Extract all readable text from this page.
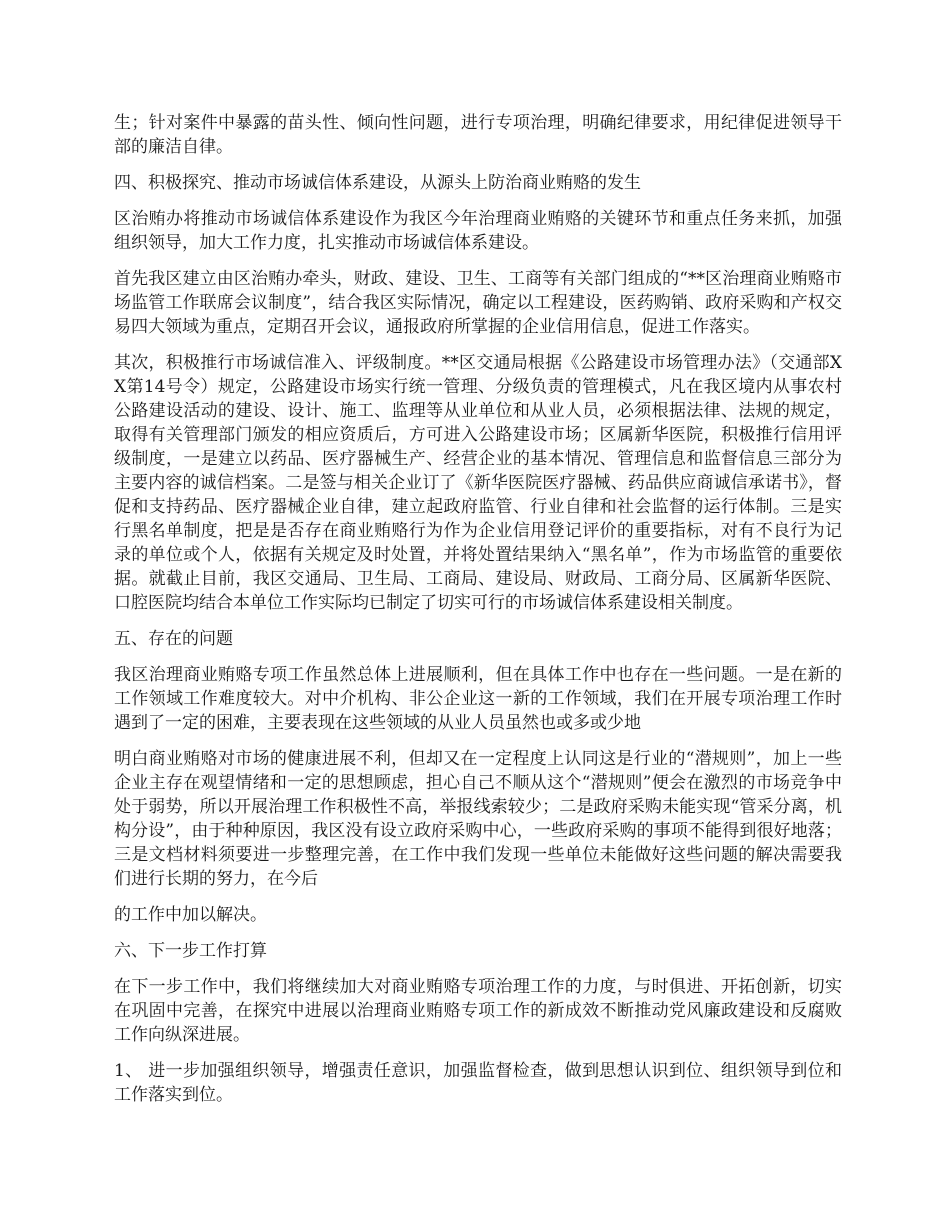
生；针对案件中暴露的苗头性、倾向性问题，进行专项治理，明确纪律要求，用纪律促进领导干部的廉洁自律。

四、积极探究、推动市场诚信体系建设，从源头上防治商业贿赂的发生

区治贿办将推动市场诚信体系建设作为我区今年治理商业贿赂的关键环节和重点任务来抓，加强组织领导，加大工作力度，扎实推动市场诚信体系建设。

首先我区建立由区治贿办牵头，财政、建设、卫生、工商等有关部门组成的“**区治理商业贿赂市场监管工作联席会议制度”，结合我区实际情况，确定以工程建设，医药购销、政府采购和产权交易四大领域为重点，定期召开会议，通报政府所掌握的企业信用信息，促进工作落实。

其次，积极推行市场诚信准入、评级制度。**区交通局根据《公路建设市场管理办法》（交通部XX第14号令）规定，公路建设市场实行统一管理、分级负责的管理模式，凡在我区境内从事农村公路建设活动的建设、设计、施工、监理等从业单位和从业人员，必须根据法律、法规的规定，取得有关管理部门颁发的相应资质后，方可进入公路建设市场；区属新华医院，积极推行信用评级制度，一是建立以药品、医疗器械生产、经营企业的基本情况、管理信息和监督信息三部分为主要内容的诚信档案。二是签与相关企业订了《新华医院医疗器械、药品供应商诚信承诺书》，督促和支持药品、医疗器械企业自律，建立起政府监管、行业自律和社会监督的运行体制。三是实行黑名单制度，把是是否存在商业贿赂行为作为企业信用登记评价的重要指标，对有不良行为记录的单位或个人，依据有关规定及时处置，并将处置结果纳入“黑名单”，作为市场监管的重要依据。就截止目前，我区交通局、卫生局、工商局、建设局、财政局、工商分局、区属新华医院、口腔医院均结合本单位工作实际均已制定了切实可行的市场诚信体系建设相关制度。

五、存在的问题

我区治理商业贿赂专项工作虽然总体上进展顺利，但在具体工作中也存在一些问题。一是在新的工作领域工作难度较大。对中介机构、非公企业这一新的工作领域，我们在开展专项治理工作时遇到了一定的困难，主要表现在这些领域的从业人员虽然也或多或少地

明白商业贿赂对市场的健康进展不利，但却又在一定程度上认同这是行业的“潜规则”，加上一些企业主存在观望情绪和一定的思想顾虑，担心自己不顺从这个“潜规则”便会在激烈的市场竞争中处于弱势，所以开展治理工作积极性不高，举报线索较少；二是政府采购未能实现“管采分离，机构分设”，由于种种原因，我区没有设立政府采购中心，一些政府采购的事项不能得到很好地落；三是文档材料须要进一步整理完善，在工作中我们发现一些单位未能做好这些问题的解决需要我们进行长期的努力，在今后

的工作中加以解决。

六、下一步工作打算

在下一步工作中，我们将继续加大对商业贿赂专项治理工作的力度，与时俱进、开拓创新，切实在巩固中完善，在探究中进展以治理商业贿赂专项工作的新成效不断推动党风廉政建设和反腐败工作向纵深进展。

1、 进一步加强组织领导，增强责任意识，加强监督检查，做到思想认识到位、组织领导到位和工作落实到位。
